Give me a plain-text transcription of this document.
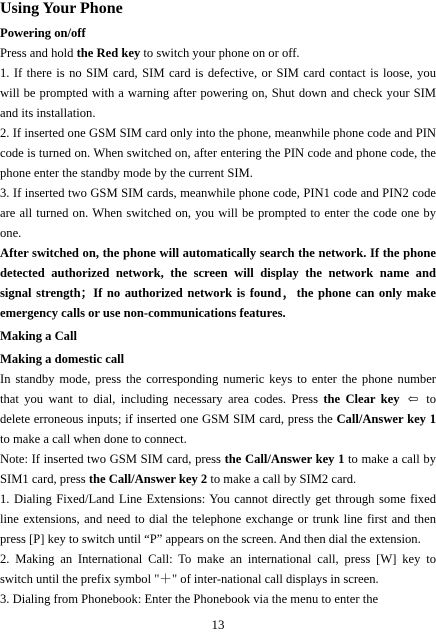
Using Your Phone

Powering on/off

Press and hold the Red key to switch your phone on or off.

1. If there is no SIM card, SIM card is defective, or SIM card contact is loose, you will be prompted with a warning after powering on, Shut down and check your SIM and its installation.

2. If inserted one GSM SIM card only into the phone, meanwhile phone code and PIN code is turned on. When switched on, after entering the PIN code and phone code, the phone enter the standby mode by the current SIM.

3. If inserted two GSM SIM cards, meanwhile phone code, PIN1 code and PIN2 code are all turned on. When switched on, you will be prompted to enter the code one by one.

After switched on, the phone will automatically search the network. If the phone detected authorized network, the screen will display the network name and signal strength；If no authorized network is found，the phone can only make emergency calls or use non-communications features.

Making a Call

Making a domestic call

In standby mode, press the corresponding numeric keys to enter the phone number that you want to dial, including necessary area codes. Press the Clear key ⇦ to delete erroneous inputs; if inserted one GSM SIM card, press the Call/Answer key 1 to make a call when done to connect.

Note: If inserted two GSM SIM card, press the Call/Answer key 1 to make a call by SIM1 card, press the Call/Answer key 2 to make a call by SIM2 card.

1. Dialing Fixed/Land Line Extensions: You cannot directly get through some fixed line extensions, and need to dial the telephone exchange or trunk line first and then press [P] key to switch until “P” appears on the screen. And then dial the extension.

2. Making an International Call: To make an international call, press [W] key to switch until the prefix symbol "＋" of inter-national call displays in screen.

3. Dialing from Phonebook: Enter the Phonebook via the menu to enter the

13
